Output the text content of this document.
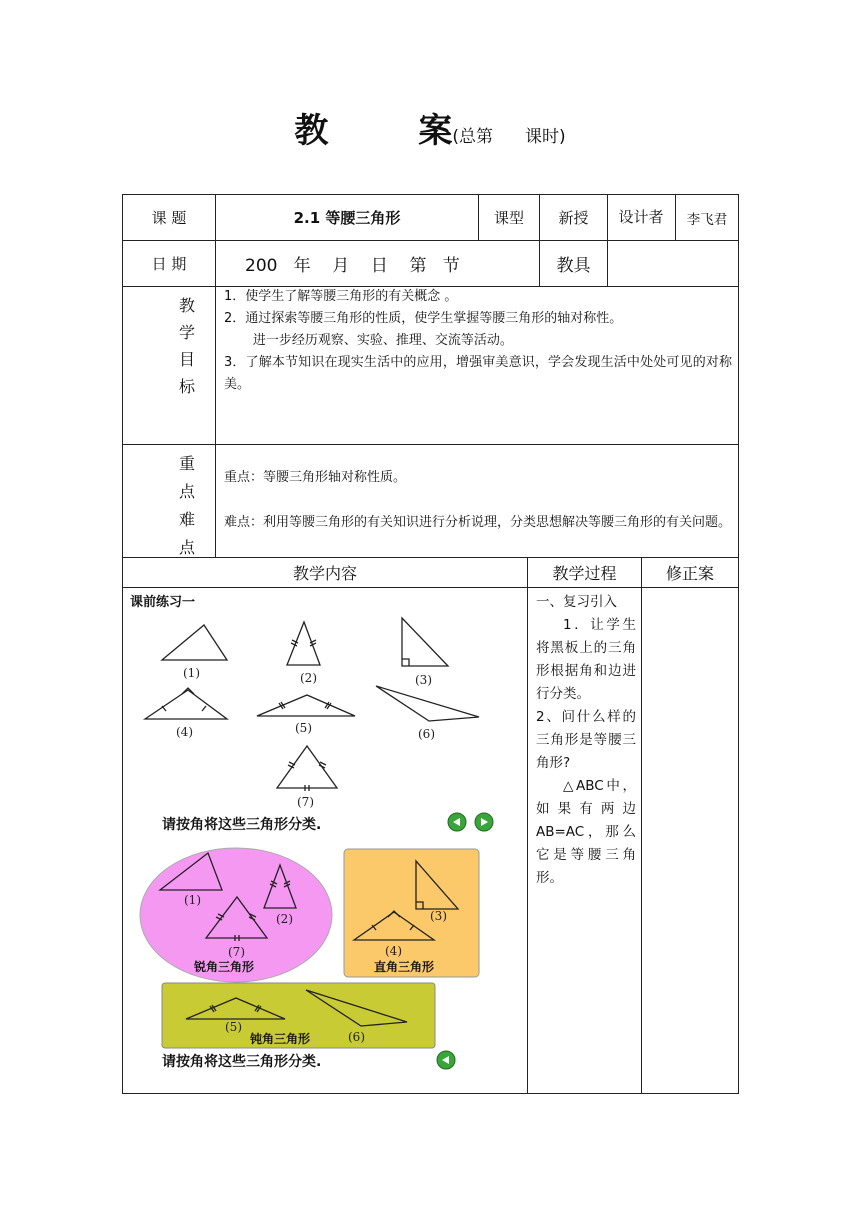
教	案(总第 课时)
课 题	2.1 等腰三角形	课型	新授	设计者	李飞君
日 期	200   年    月    日    第   节	教具
教
学
目
标
1．使学生了解等腰三角形的有关概念 。
2．通过探索等腰三角形的性质，使学生掌握等腰三角形的轴对称性。
进一步经历观察、实验、推理、交流等活动。
3．了解本节知识在现实生活中的应用，增强审美意识，学会发现生活中处处可见的对称美。
重
点
难
点
重点：等腰三角形轴对称性质。
难点：利用等腰三角形的有关知识进行分析说理，分类思想解决等腰三角形的有关问题。
教学内容	教学过程	修正案
课前练习一
(1)	(2)	(3)
(4)	(5)	(6)
(7)
请按角将这些三角形分类.
(1)
(2)
(7)
锐角三角形
(3)
(4)
直角三角形
(5)
(6)
钝角三角形
请按角将这些三角形分类.

一、复习引入

1．让学生将黑板上的三角形根据角和边进行分类。

2、问什么样的三角形是等腰三角形?

△ABC中，如果有两边AB=AC，那么它是等腰三角形。
